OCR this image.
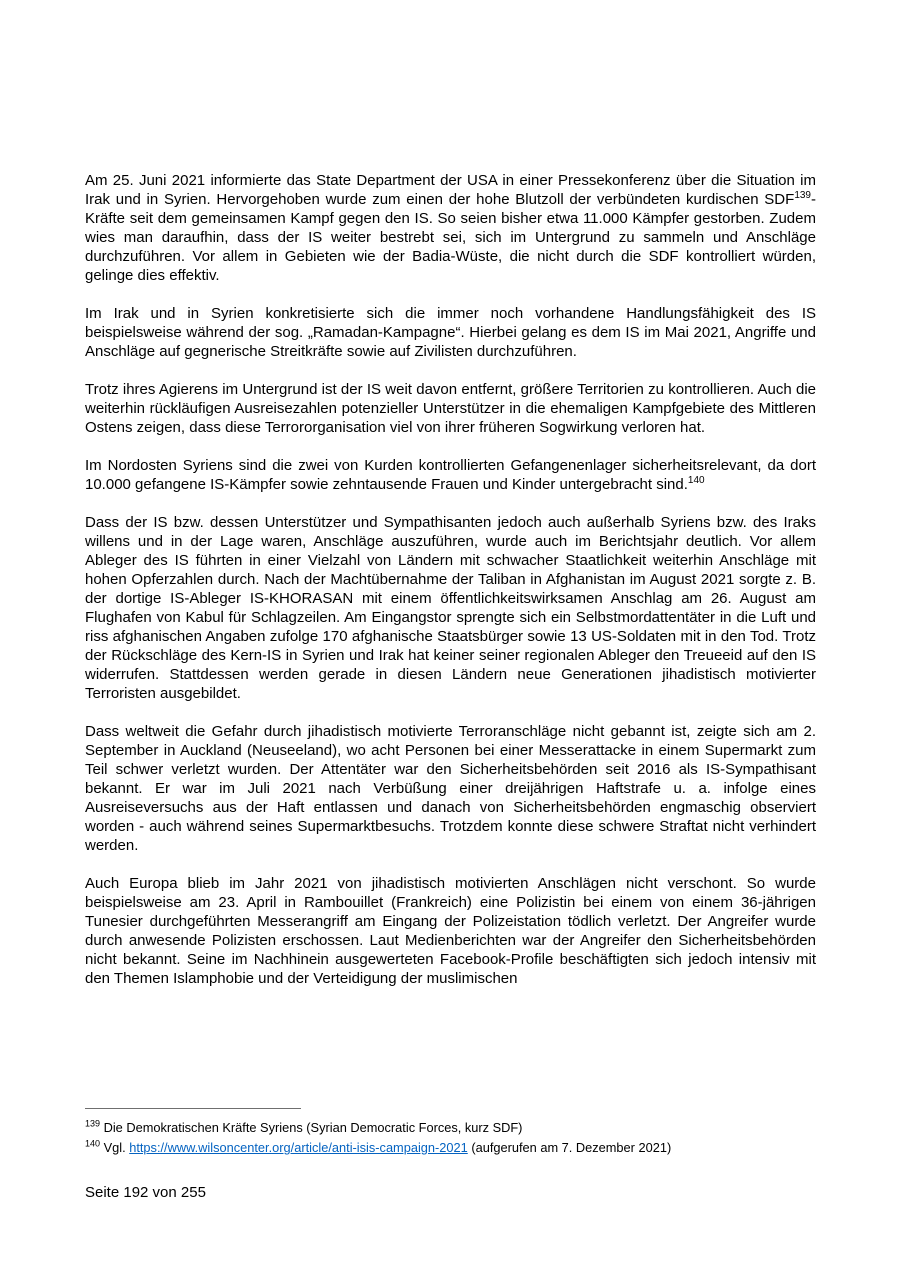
Am 25. Juni 2021 informierte das State Department der USA in einer Pressekonferenz über die Situation im Irak und in Syrien. Hervorgehoben wurde zum einen der hohe Blutzoll der verbündeten kurdischen SDF$^{139}$-Kräfte seit dem gemeinsamen Kampf gegen den IS. So seien bisher etwa 11.000 Kämpfer gestorben. Zudem wies man daraufhin, dass der IS weiter bestrebt sei, sich im Untergrund zu sammeln und Anschläge durchzuführen. Vor allem in Gebieten wie der Badia-Wüste, die nicht durch die SDF kontrolliert würden, gelinge dies effektiv.

Im Irak und in Syrien konkretisierte sich die immer noch vorhandene Handlungsfähigkeit des IS beispielsweise während der sog. „Ramadan-Kampagne“. Hierbei gelang es dem IS im Mai 2021, Angriffe und Anschläge auf gegnerische Streitkräfte sowie auf Zivilisten durchzuführen.

Trotz ihres Agierens im Untergrund ist der IS weit davon entfernt, größere Territorien zu kontrollieren. Auch die weiterhin rückläufigen Ausreisezahlen potenzieller Unterstützer in die ehemaligen Kampfgebiete des Mittleren Ostens zeigen, dass diese Terrororganisation viel von ihrer früheren Sogwirkung verloren hat.

Im Nordosten Syriens sind die zwei von Kurden kontrollierten Gefangenenlager sicherheitsrelevant, da dort 10.000 gefangene IS-Kämpfer sowie zehntausende Frauen und Kinder untergebracht sind.$^{140}$

Dass der IS bzw. dessen Unterstützer und Sympathisanten jedoch auch außerhalb Syriens bzw. des Iraks willens und in der Lage waren, Anschläge auszuführen, wurde auch im Berichtsjahr deutlich. Vor allem Ableger des IS führten in einer Vielzahl von Ländern mit schwacher Staatlichkeit weiterhin Anschläge mit hohen Opferzahlen durch. Nach der Machtübernahme der Taliban in Afghanistan im August 2021 sorgte z. B. der dortige IS-Ableger IS-KHORASAN mit einem öffentlichkeitswirksamen Anschlag am 26. August am Flughafen von Kabul für Schlagzeilen. Am Eingangstor sprengte sich ein Selbstmordattentäter in die Luft und riss afghanischen Angaben zufolge 170 afghanische Staatsbürger sowie 13 US-Soldaten mit in den Tod. Trotz der Rückschläge des Kern-IS in Syrien und Irak hat keiner seiner regionalen Ableger den Treueeid auf den IS widerrufen. Stattdessen werden gerade in diesen Ländern neue Generationen jihadistisch motivierter Terroristen ausgebildet.

Dass weltweit die Gefahr durch jihadistisch motivierte Terroranschläge nicht gebannt ist, zeigte sich am 2. September in Auckland (Neuseeland), wo acht Personen bei einer Messerattacke in einem Supermarkt zum Teil schwer verletzt wurden. Der Attentäter war den Sicherheitsbehörden seit 2016 als IS-Sympathisant bekannt. Er war im Juli 2021 nach Verbüßung einer dreijährigen Haftstrafe u. a. infolge eines Ausreiseversuchs aus der Haft entlassen und danach von Sicherheitsbehörden engmaschig observiert worden - auch während seines Supermarktbesuchs. Trotzdem konnte diese schwere Straftat nicht verhindert werden.

Auch Europa blieb im Jahr 2021 von jihadistisch motivierten Anschlägen nicht verschont. So wurde beispielsweise am 23. April in Rambouillet (Frankreich) eine Polizistin bei einem von einem 36-jährigen Tunesier durchgeführten Messerangriff am Eingang der Polizeistation tödlich verletzt. Der Angreifer wurde durch anwesende Polizisten erschossen. Laut Medienberichten war der Angreifer den Sicherheitsbehörden nicht bekannt. Seine im Nachhinein ausgewerteten Facebook-Profile beschäftigten sich jedoch intensiv mit den Themen Islamphobie und der Verteidigung der muslimischen

$^{139}$ Die Demokratischen Kräfte Syriens (Syrian Democratic Forces, kurz SDF)
$^{140}$ Vgl. https://www.wilsoncenter.org/article/anti-isis-campaign-2021 (aufgerufen am 7. Dezember 2021)
Seite 192 von 255
